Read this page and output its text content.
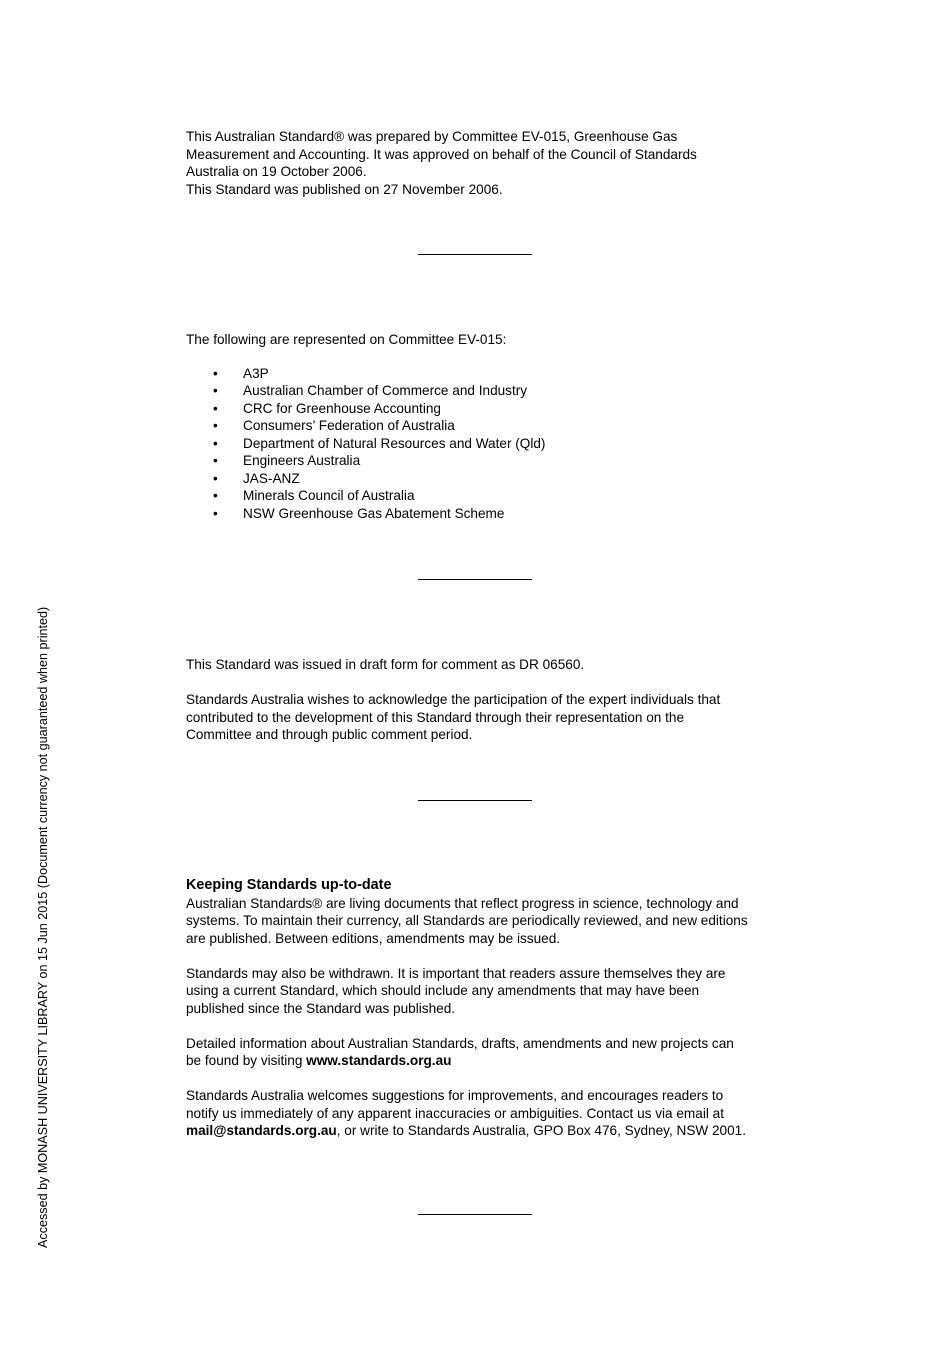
This Australian Standard® was prepared by Committee EV-015, Greenhouse Gas

Measurement and Accounting. It was approved on behalf of the Council of Standards

Australia on 19 October 2006.

This Standard was published on 27 November 2006.

The following are represented on Committee EV-015:

• A3P
• Australian Chamber of Commerce and Industry
• CRC for Greenhouse Accounting
• Consumers’ Federation of Australia
• Department of Natural Resources and Water (Qld)
• Engineers Australia
• JAS-ANZ
• Minerals Council of Australia
• NSW Greenhouse Gas Abatement Scheme

This Standard was issued in draft form for comment as DR 06560.

Standards Australia wishes to acknowledge the participation of the expert individuals that

contributed to the development of this Standard through their representation on the

Committee and through public comment period.

Keeping Standards up-to-date

Australian Standards® are living documents that reflect progress in science, technology and

systems. To maintain their currency, all Standards are periodically reviewed, and new editions

are published. Between editions, amendments may be issued.

Standards may also be withdrawn. It is important that readers assure themselves they are

using a current Standard, which should include any amendments that may have been

published since the Standard was published.

Detailed information about Australian Standards, drafts, amendments and new projects can

be found by visiting www.standards.org.au

Standards Australia welcomes suggestions for improvements, and encourages readers to

notify us immediately of any apparent inaccuracies or ambiguities. Contact us via email at

mail@standards.org.au, or write to Standards Australia, GPO Box 476, Sydney, NSW 2001.

Accessed by MONASH UNIVERSITY LIBRARY on 15 Jun 2015 (Document currency not guaranteed when printed)
